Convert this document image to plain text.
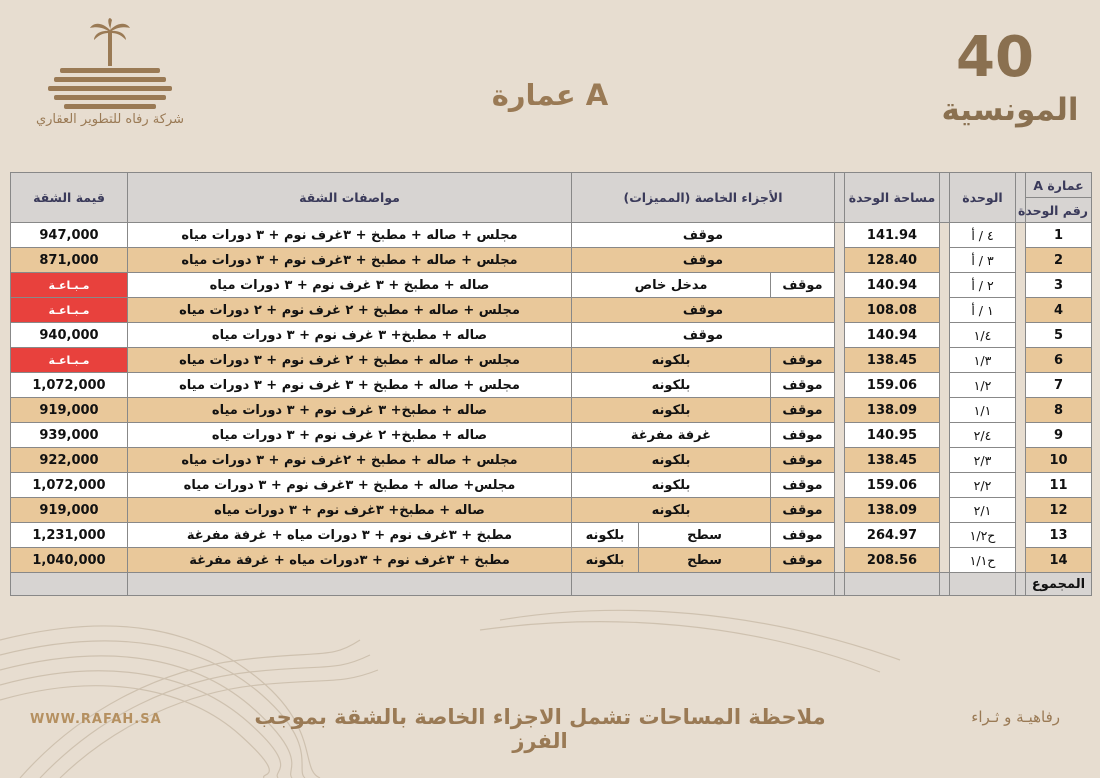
شركة رفاه للتطوير العقاري
عمارة A
40
المونسية
عمارة A		الوحدة		مساحة الوحدة		الأجزاء الخاصة (المميزات)			مواصفات الشقة	قيمة الشقة
رقم الوحدة										
1		٤ / أ		141.94		موقف			مجلس + صاله + مطبخ + ٣غرف نوم + ٣ دورات مياه	947,000
2		٣ / أ		128.40		موقف			مجلس + صاله + مطبخ + ٣غرف نوم + ٣ دورات مياه	871,000
3		٢ / أ		140.94		موقف	مدخل خاص		صاله + مطبخ + ٣ غرف نوم + ٣ دورات مياه	مـبـاعـة
4		١ / أ		108.08		موقف			مجلس + صاله + مطبخ + ٢ غرف نوم + ٢ دورات مياه	مـبـاعـة
5		١/٤		140.94		موقف			صاله + مطبخ+ ٣ غرف نوم + ٣ دورات مياه	940,000
6		١/٣		138.45		موقف	بلكونه		مجلس + صاله + مطبخ + ٢ غرف نوم + ٣ دورات مياه	مـبـاعـة
7		١/٢		159.06		موقف	بلكونه		مجلس + صاله + مطبخ + ٣ غرف نوم + ٣ دورات مياه	1,072,000
8		١/١		138.09		موقف	بلكونه		صاله + مطبخ+ ٣ غرف نوم + ٣ دورات مياه	919,000
9		٢/٤		140.95		موقف	غرفة مفرغة		صاله + مطبخ+ ٢ غرف نوم + ٣ دورات مياه	939,000
10		٢/٣		138.45		موقف	بلكونه		مجلس + صاله + مطبخ + ٢غرف نوم + ٣ دورات مياه	922,000
11		٢/٢		159.06		موقف	بلكونه		مجلس+ صاله + مطبخ + ٣غرف نوم + ٣ دورات مياه	1,072,000
12		٢/١		138.09		موقف	بلكونه		صاله + مطبخ+ ٣غرف نوم + ٣ دورات مياه	919,000
13		ح١/٢		264.97		موقف	سطح	بلكونه	مطبخ + ٣غرف نوم + ٣ دورات مياه + غرفة مفرغة	1,231,000
14		ح١/١		208.56		موقف	سطح	بلكونه	مطبخ + ٣غرف نوم + ٣دورات مياه + غرفة مفرغة	1,040,000
المجموع										
WWW.RAFAH.SA	ملاحظة المساحات تشمل الاجزاء الخاصة بالشقة بموجب الفرز
رفاهيـة و ثـراء
